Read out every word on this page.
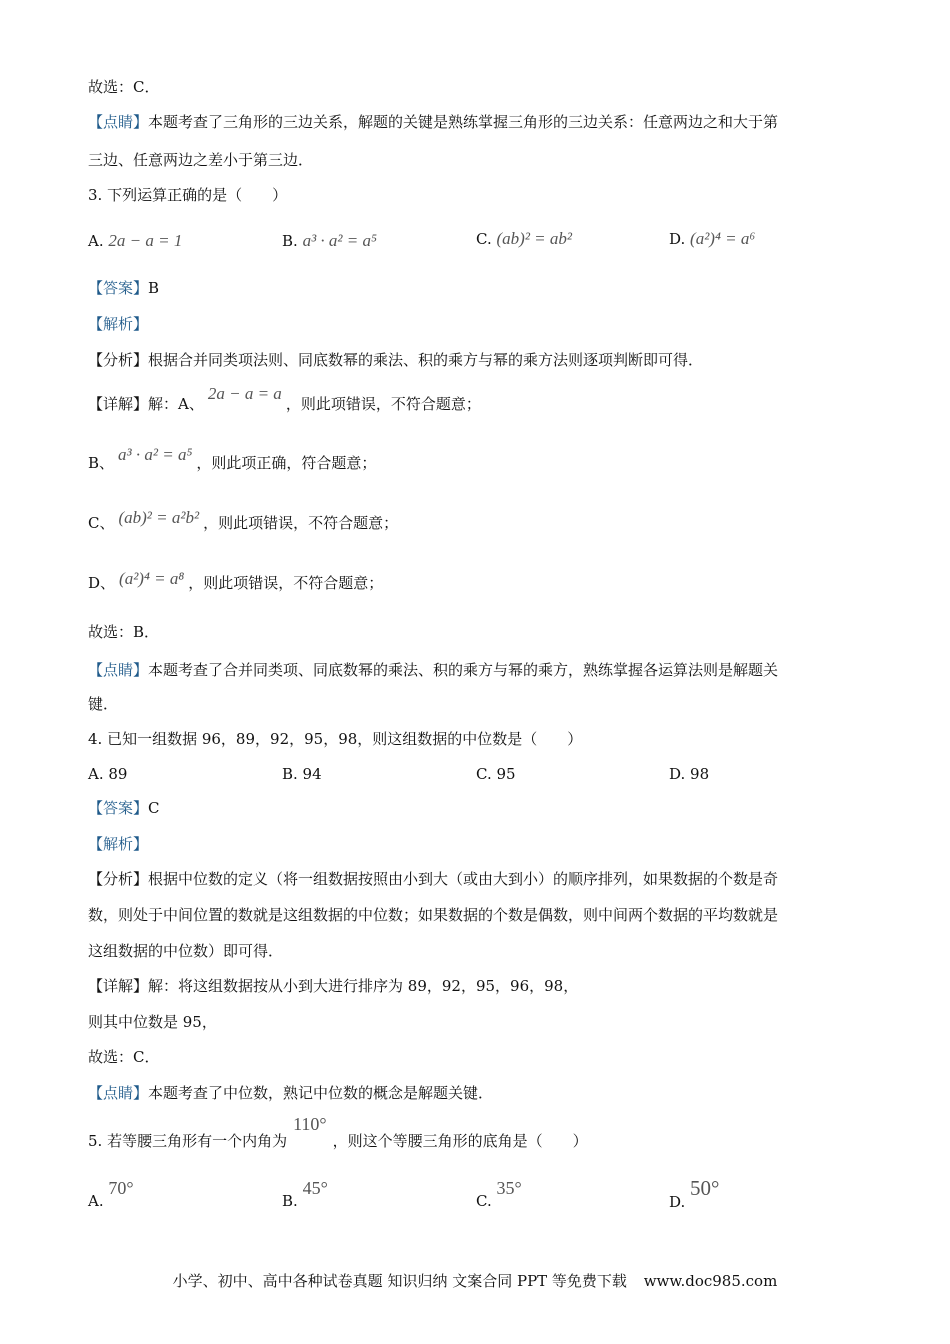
故选：C．
【点睛】本题考查了三角形的三边关系，解题的关键是熟练掌握三角形的三边关系：任意两边之和大于第
三边、任意两边之差小于第三边．
3. 下列运算正确的是（　　）
A. 2a − a = 1	B. a³ · a² = a⁵	C. (ab)² = ab²	D. (a²)⁴ = a⁶
【答案】B
【解析】
【分析】根据合并同类项法则、同底数幂的乘法、积的乘方与幂的乘方法则逐项判断即可得．
【详解】解：A、2a − a = a，则此项错误，不符合题意；
B、 a³ · a² = a⁵ ，则此项正确，符合题意；
C、 (ab)² = a²b² ，则此项错误，不符合题意；
D、 (a²)⁴ = a⁸ ，则此项错误，不符合题意；
故选：B．
【点睛】本题考查了合并同类项、同底数幂的乘法、积的乘方与幂的乘方，熟练掌握各运算法则是解题关
键．
4. 已知一组数据 96，89，92，95，98，则这组数据的中位数是（　　）
A. 89	B. 94	C. 95	D. 98
【答案】C
【解析】
【分析】根据中位数的定义（将一组数据按照由小到大（或由大到小）的顺序排列，如果数据的个数是奇
数，则处于中间位置的数就是这组数据的中位数；如果数据的个数是偶数，则中间两个数据的平均数就是
这组数据的中位数）即可得．
【详解】解：将这组数据按从小到大进行排序为 89，92，95，96，98，
则其中位数是 95，
故选：C．
【点睛】本题考查了中位数，熟记中位数的概念是解题关键．
5. 若等腰三角形有一个内角为110°，则这个等腰三角形的底角是（　　）
A. 70°
B. 45°
C. 35°
D. 50°
小学、初中、高中各种试卷真题 知识归纳 文案合同 PPT 等免费下载 www.doc985.com
